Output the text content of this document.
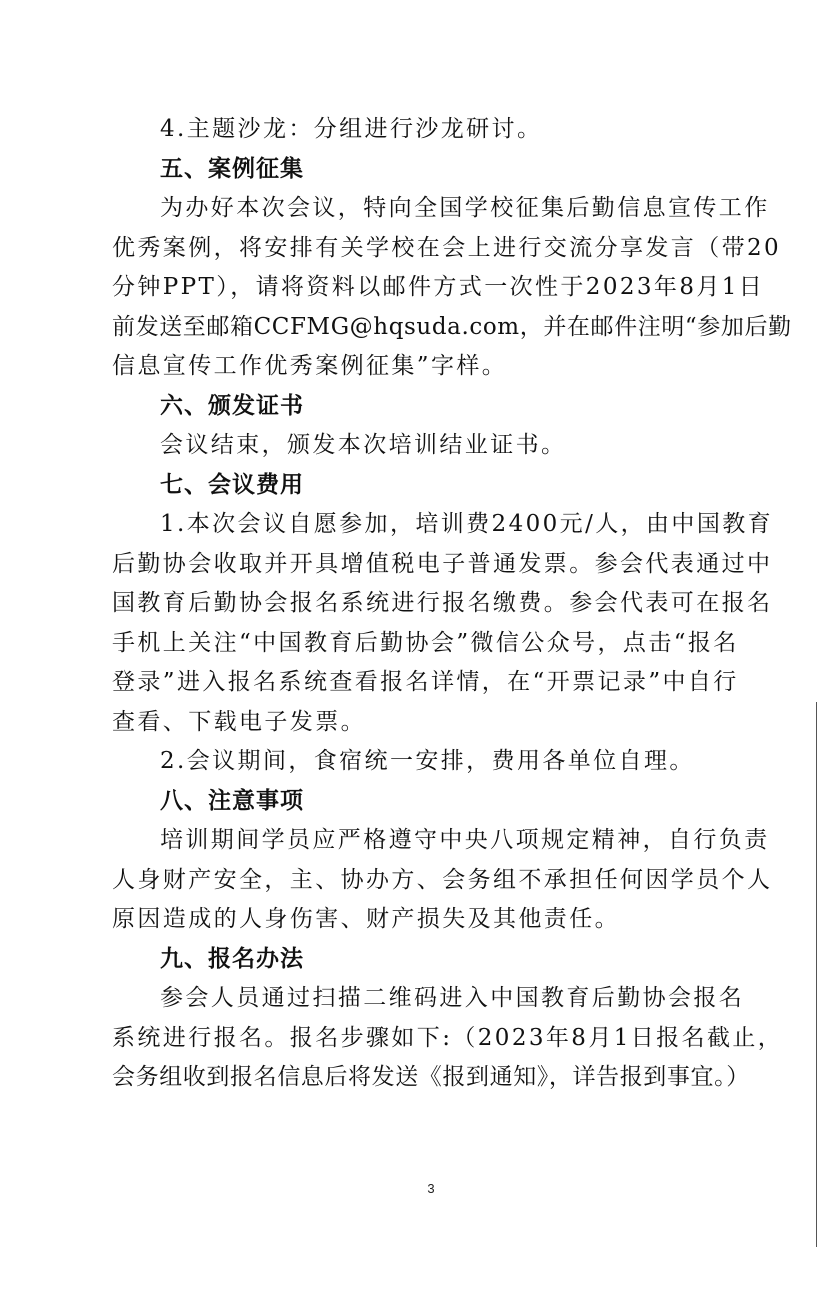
4.主题沙龙：分组进行沙龙研讨。
五、案例征集
为办好本次会议，特向全国学校征集后勤信息宣传工作
优秀案例，将安排有关学校在会上进行交流分享发言（带20
分钟PPT），请将资料以邮件方式一次性于2023年8月1日
前发送至邮箱CCFMG@hqsuda.com，并在邮件注明“参加后勤
信息宣传工作优秀案例征集”字样。
六、颁发证书
会议结束，颁发本次培训结业证书。
七、会议费用
1.本次会议自愿参加，培训费2400元/人，由中国教育
后勤协会收取并开具增值税电子普通发票。参会代表通过中
国教育后勤协会报名系统进行报名缴费。参会代表可在报名
手机上关注“中国教育后勤协会”微信公众号，点击“报名
登录”进入报名系统查看报名详情，在“开票记录”中自行
查看、下载电子发票。
2.会议期间，食宿统一安排，费用各单位自理。
八、注意事项
培训期间学员应严格遵守中央八项规定精神，自行负责
人身财产安全，主、协办方、会务组不承担任何因学员个人
原因造成的人身伤害、财产损失及其他责任。
九、报名办法
参会人员通过扫描二维码进入中国教育后勤协会报名
系统进行报名。报名步骤如下:（2023年8月1日报名截止，
会务组收到报名信息后将发送《报到通知》，详告报到事宜。）
3
